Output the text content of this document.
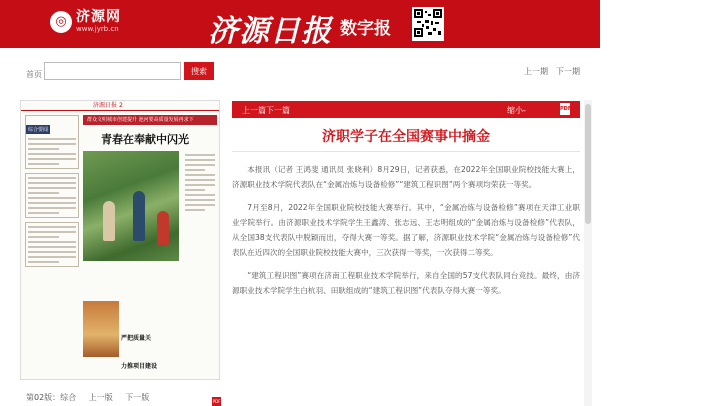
◎ 济源网
www.jyrb.cn	济源日报 数字报
首页	搜索	上一期 下一期
济源日报 2
综合要闻
群众文明城市创建提升 池河要高质量发展再求下
青春在奉献中闪光
严把质量关
力推项目建设
第02版：综合 上一版 下一版	PDF
上一篇 下一篇	放大+
缩小-	PDF
济职学子在全国赛事中摘金

本报讯（记者 王鸿斐 通讯员 张晓利）8月29日，记者获悉，在2022年全国职业院校技能大赛上，济源职业技术学院代表队在“金属冶炼与设备检修”“建筑工程识图”两个赛项均荣获一等奖。

7月至8月，2022年全国职业院校技能大赛举行。其中，“金属冶炼与设备检修”赛项在天津工业职业学院举行。由济源职业技术学院学生王鑫涛、张志远、王志明组成的“金属冶炼与设备检修”代表队，从全国38支代表队中脱颖而出，夺得大赛一等奖。据了解，济源职业技术学院“金属冶炼与设备检修”代表队在近四次的全国职业院校技能大赛中，三次获得一等奖，一次获得二等奖。

“建筑工程识图”赛项在济南工程职业技术学院举行，来自全国的57支代表队同台竞技。最终，由济源职业技术学院学生白杭羽、田耿组成的“建筑工程识图”代表队夺得大赛一等奖。
